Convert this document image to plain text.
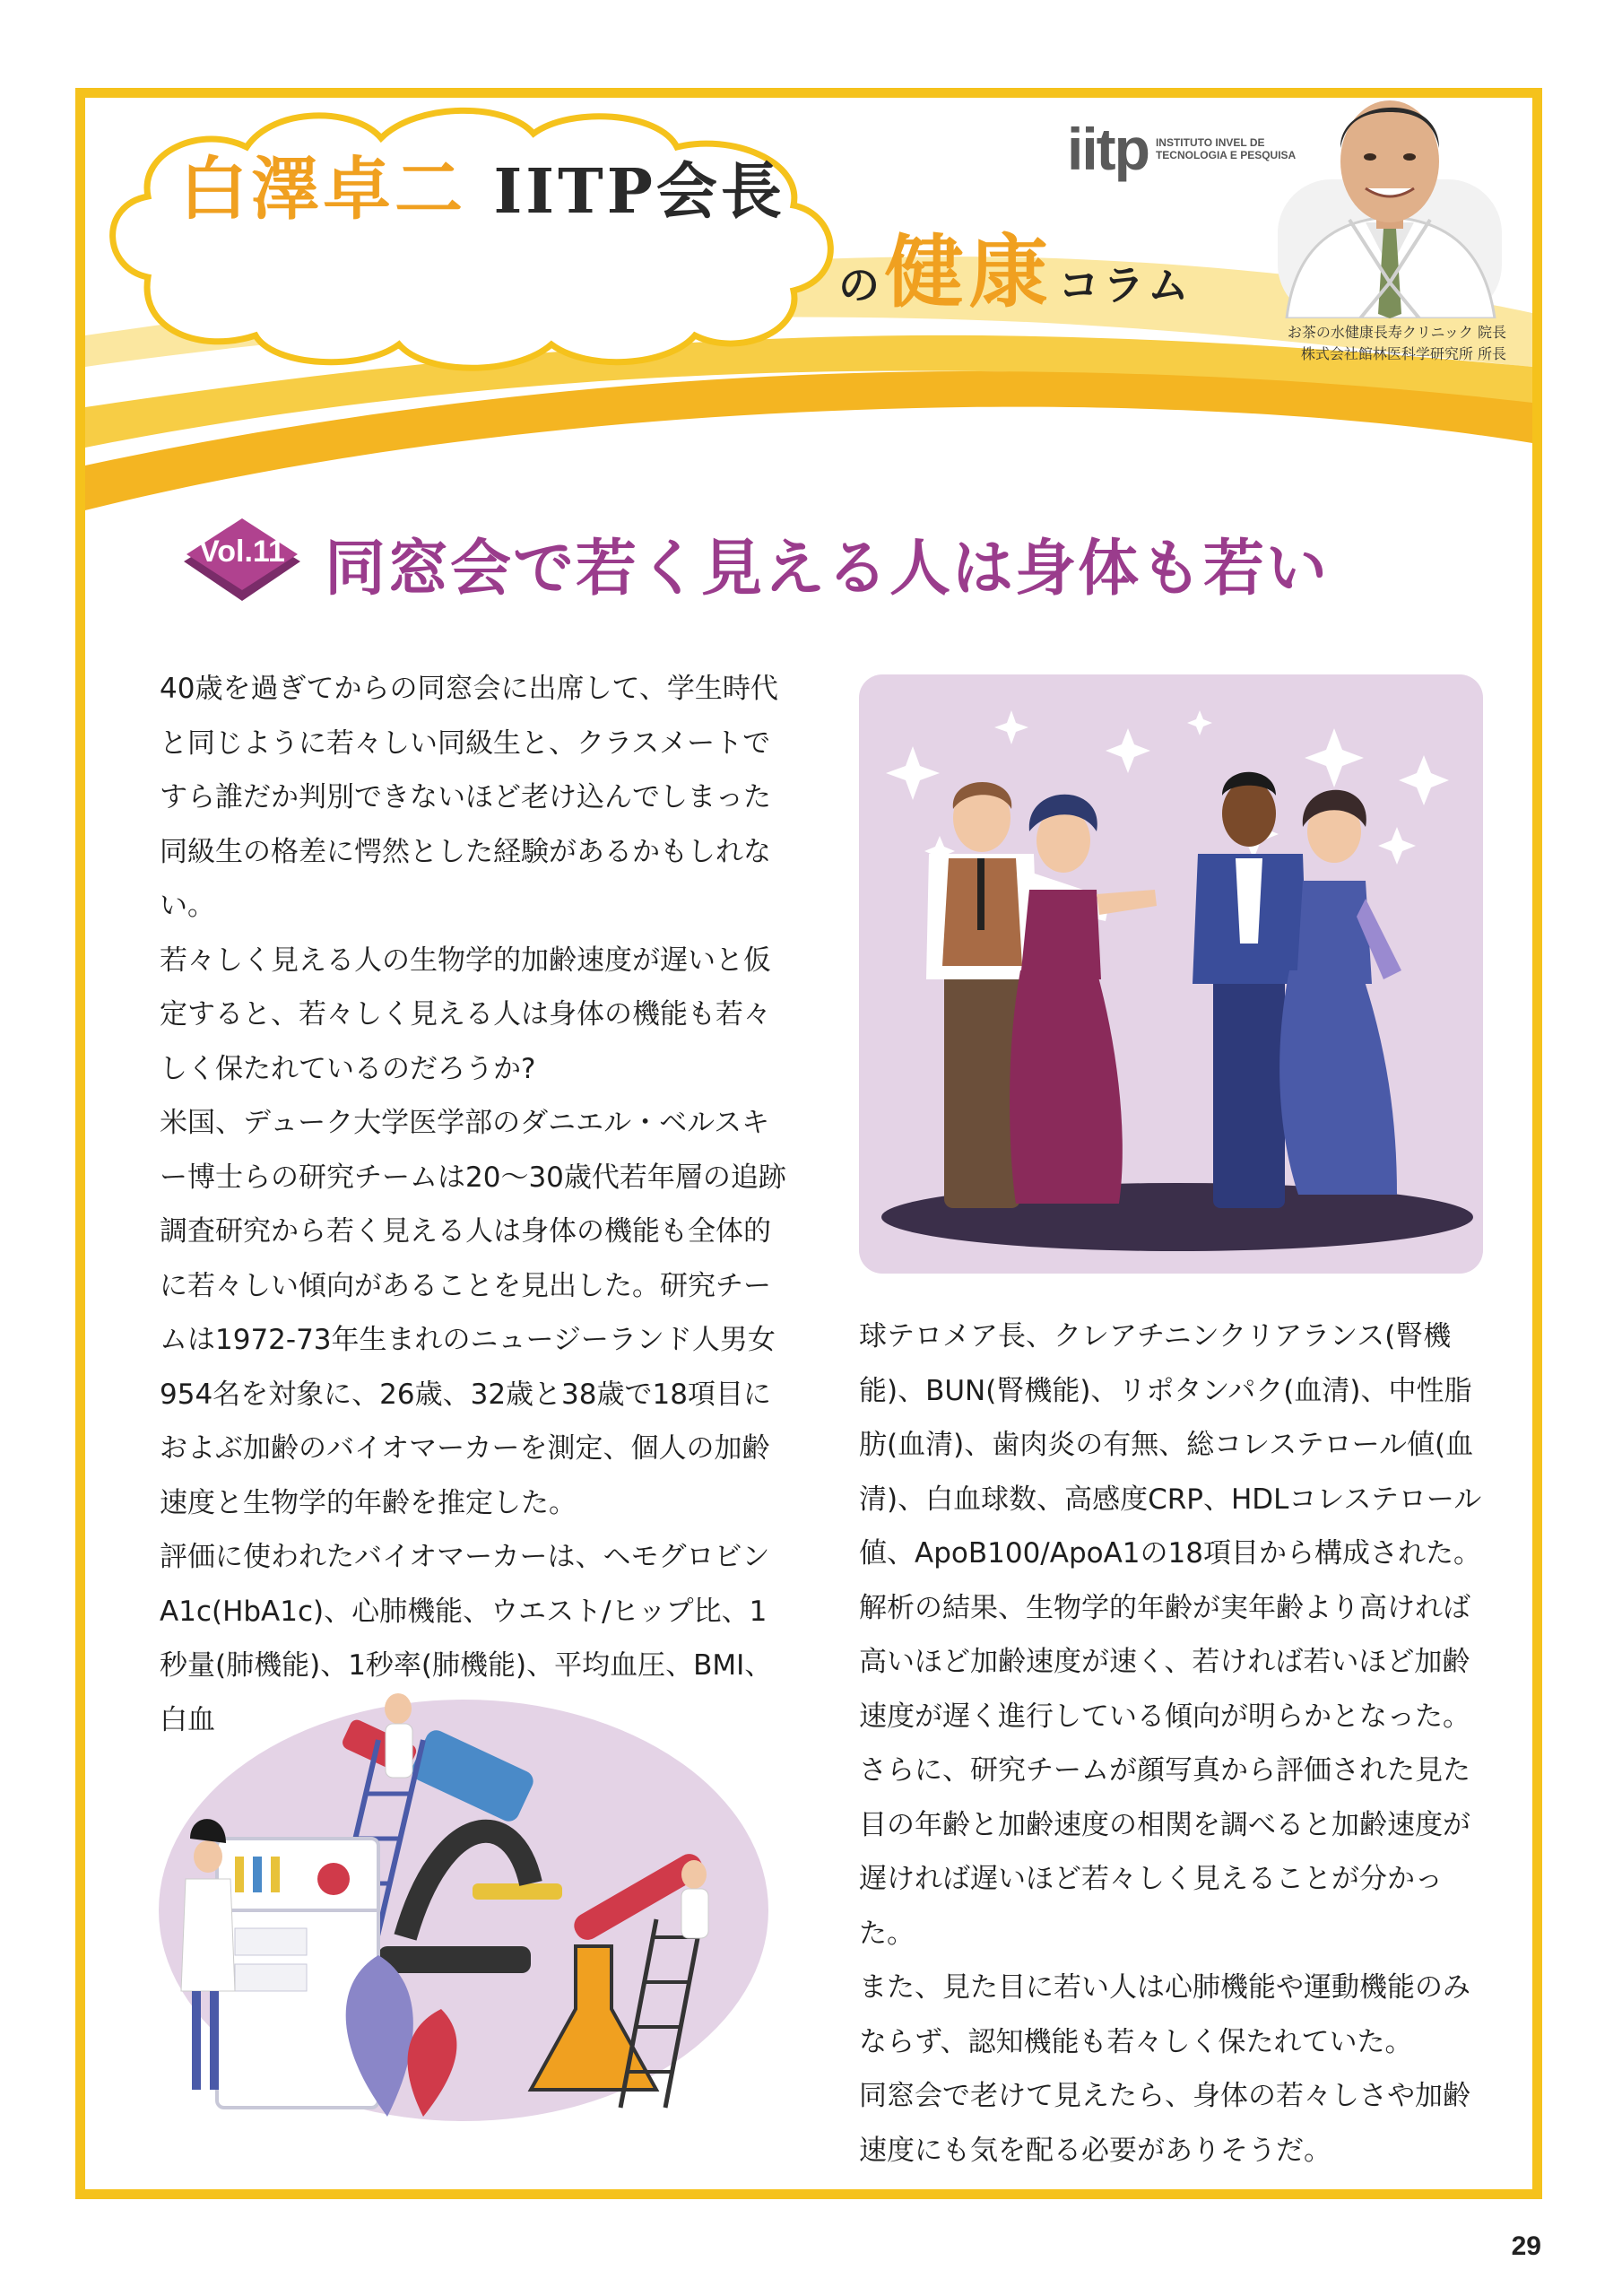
白澤卓二 IITP会長
の 健康 コラム
iitp INSTITUTO INVEL DE
TECNOLOGIA E PESQUISA
お茶の水健康長寿クリニック 院長
株式会社館林医科学研究所 所長
Vol.11 同窓会で若く見える人は身体も若い

40歳を過ぎてからの同窓会に出席して、学生時代と同じように若々しい同級生と、クラスメートですら誰だか判別できないほど老け込んでしまった同級生の格差に愕然とした経験があるかもしれない。

若々しく見える人の生物学的加齢速度が遅いと仮定すると、若々しく見える人は身体の機能も若々しく保たれているのだろうか?

米国、デューク大学医学部のダニエル・ベルスキー博士らの研究チームは20〜30歳代若年層の追跡調査研究から若く見える人は身体の機能も全体的に若々しい傾向があることを見出した。研究チームは1972-73年生まれのニュージーランド人男女954名を対象に、26歳、32歳と38歳で18項目におよぶ加齢のバイオマーカーを測定、個人の加齢速度と生物学的年齢を推定した。

評価に使われたバイオマーカーは、ヘモグロビンA1c(HbA1c)、心肺機能、ウエスト/ヒップ比、1秒量(肺機能)、1秒率(肺機能)、平均血圧、BMI、白血

球テロメア長、クレアチニンクリアランス(腎機能)、BUN(腎機能)、リポタンパク(血清)、中性脂肪(血清)、歯肉炎の有無、総コレステロール値(血清)、白血球数、高感度CRP、HDLコレステロール値、ApoB100/ApoA1の18項目から構成された。

解析の結果、生物学的年齢が実年齢より高ければ高いほど加齢速度が速く、若ければ若いほど加齢速度が遅く進行している傾向が明らかとなった。

さらに、研究チームが顔写真から評価された見た目の年齢と加齢速度の相関を調べると加齢速度が遅ければ遅いほど若々しく見えることが分かった。

また、見た目に若い人は心肺機能や運動機能のみならず、認知機能も若々しく保たれていた。

同窓会で老けて見えたら、身体の若々しさや加齢速度にも気を配る必要がありそうだ。

29
